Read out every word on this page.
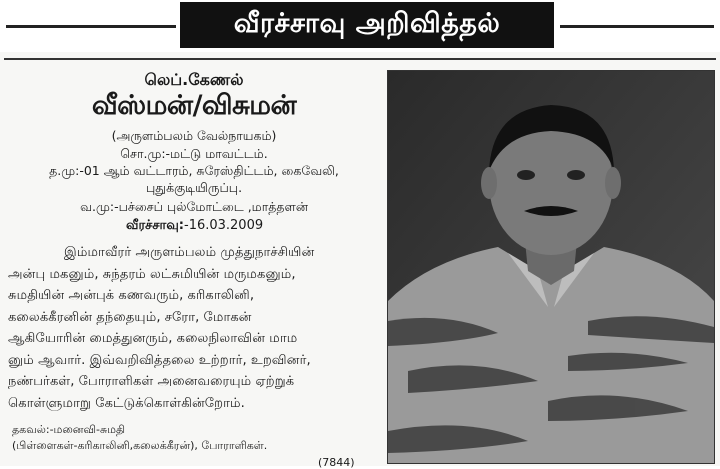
வீரச்சாவு அறிவித்தல்
லெப்.கேணல்
வீஸ்மன்/விசுமன்
(அருளம்பலம் வேல்நாயகம்)
சொ.மு:-மட்டு மாவட்டம்.
த.மு:-01 ஆம் வட்டாரம், சுரேஸ்திட்டம், கைவேலி,
புதுக்குடியிருப்பு.
வ.மு:-பச்சைப் புல்மோட்டை ,மாத்தளன்
வீரச்சாவு:-16.03.2009
இம்மாவீரர் அருளம்பலம் முத்துநாச்சியின்
அன்பு மகனும், சுந்தரம் லட்சுமியின் மருமகனும்,
சுமதியின் அன்புக் கணவரும், கரிகாலினி,
கலைக்கீரனின் தந்தையும், சரோ, மோகன்
ஆகியோரின் மைத்துனரும், கலைநிலாவின் மாம
னும் ஆவார். இவ்வறிவித்தலை உற்றார், உறவினர்,
நண்பர்கள், போராளிகள் அனைவரையும் ஏற்றுக்
கொள்ளுமாறு கேட்டுக்கொள்கின்றோம்.
தகவல்:-மனைவி-சுமதி
(பிள்ளைகள்-கரிகாலினி,கலைக்கீரன்), போராளிகள்.
(7844)
